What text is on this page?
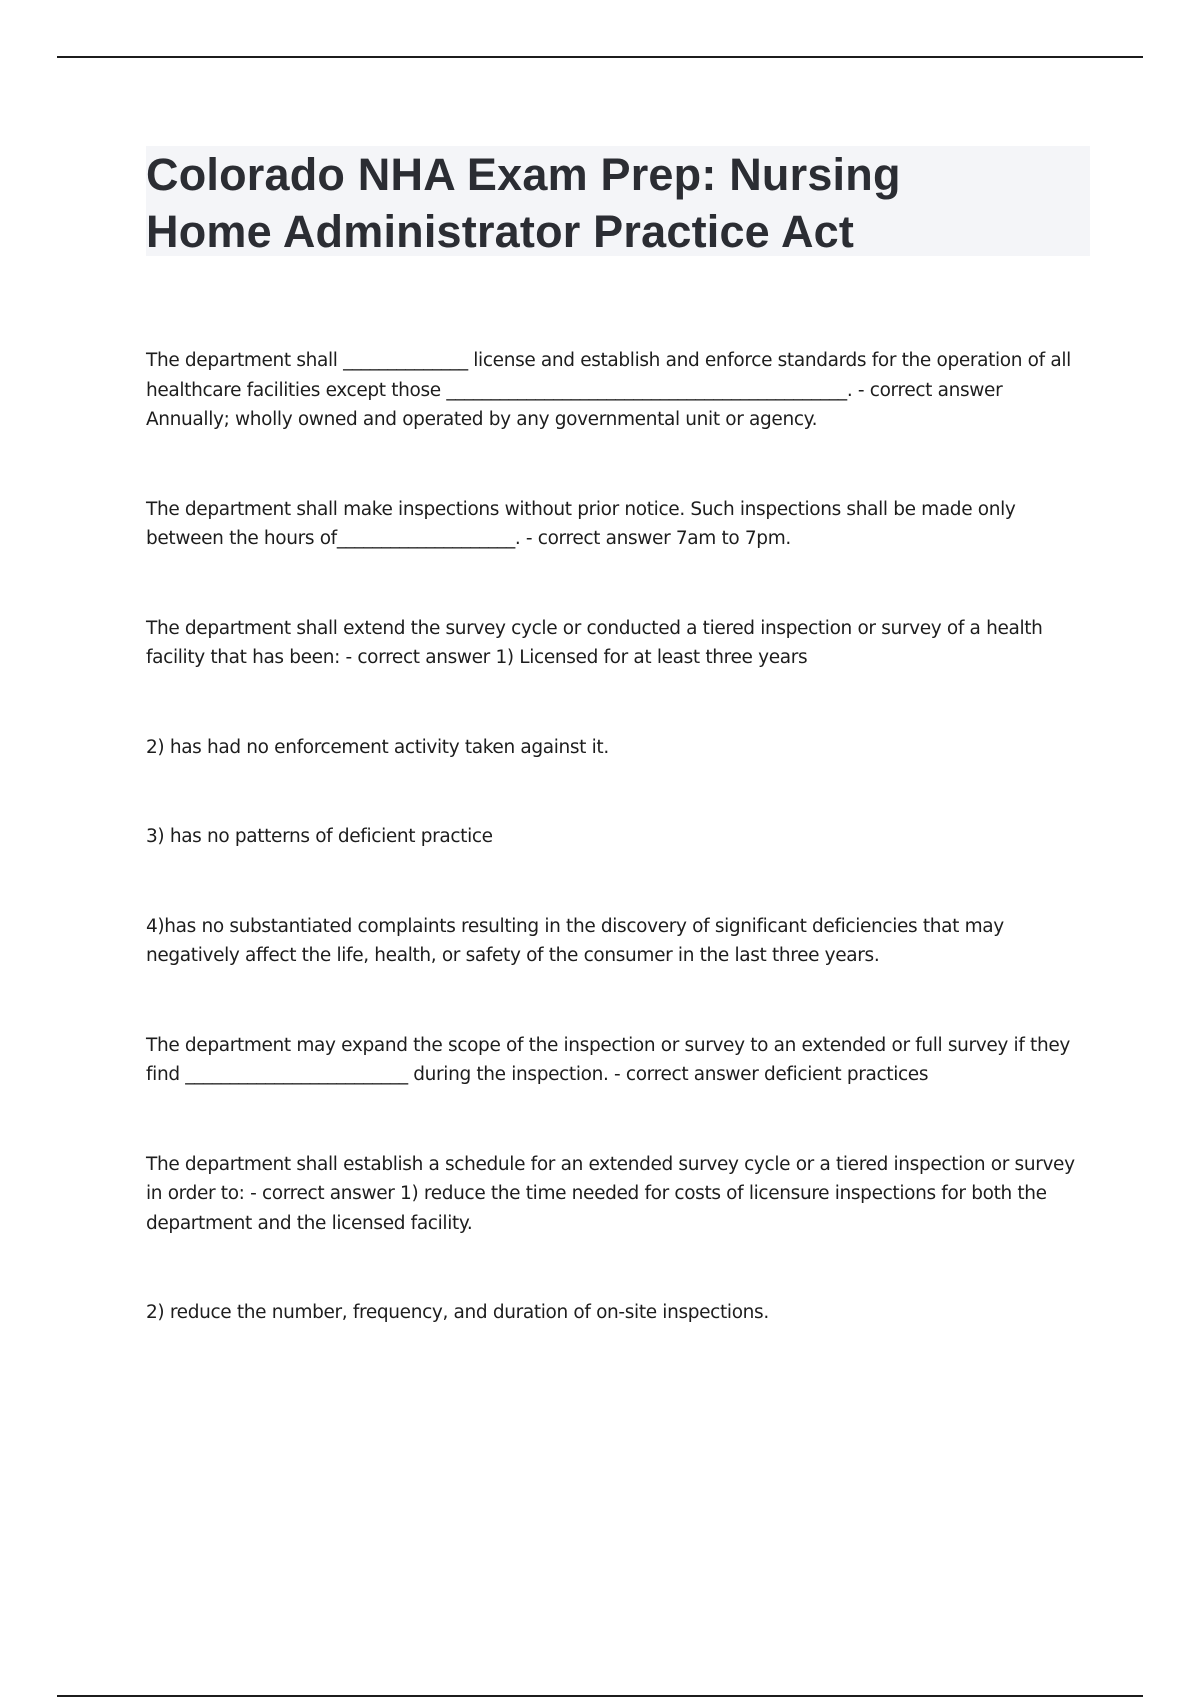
Colorado NHA Exam Prep: Nursing
Home Administrator Practice Act

The department shall ______________ license and establish and enforce standards for the operation of all healthcare facilities except those _____________________________________________. - correct answer Annually; wholly owned and operated by any governmental unit or agency.

The department shall make inspections without prior notice. Such inspections shall be made only between the hours of____________________. - correct answer 7am to 7pm.

The department shall extend the survey cycle or conducted a tiered inspection or survey of a health facility that has been: - correct answer 1) Licensed for at least three years

2) has had no enforcement activity taken against it.

3) has no patterns of deficient practice

4)has no substantiated complaints resulting in the discovery of significant deficiencies that may negatively affect the life, health, or safety of the consumer in the last three years.

The department may expand the scope of the inspection or survey to an extended or full survey if they find _________________________ during the inspection. - correct answer deficient practices

The department shall establish a schedule for an extended survey cycle or a tiered inspection or survey in order to: - correct answer 1) reduce the time needed for costs of licensure inspections for both the department and the licensed facility.

2) reduce the number, frequency, and duration of on-site inspections.
